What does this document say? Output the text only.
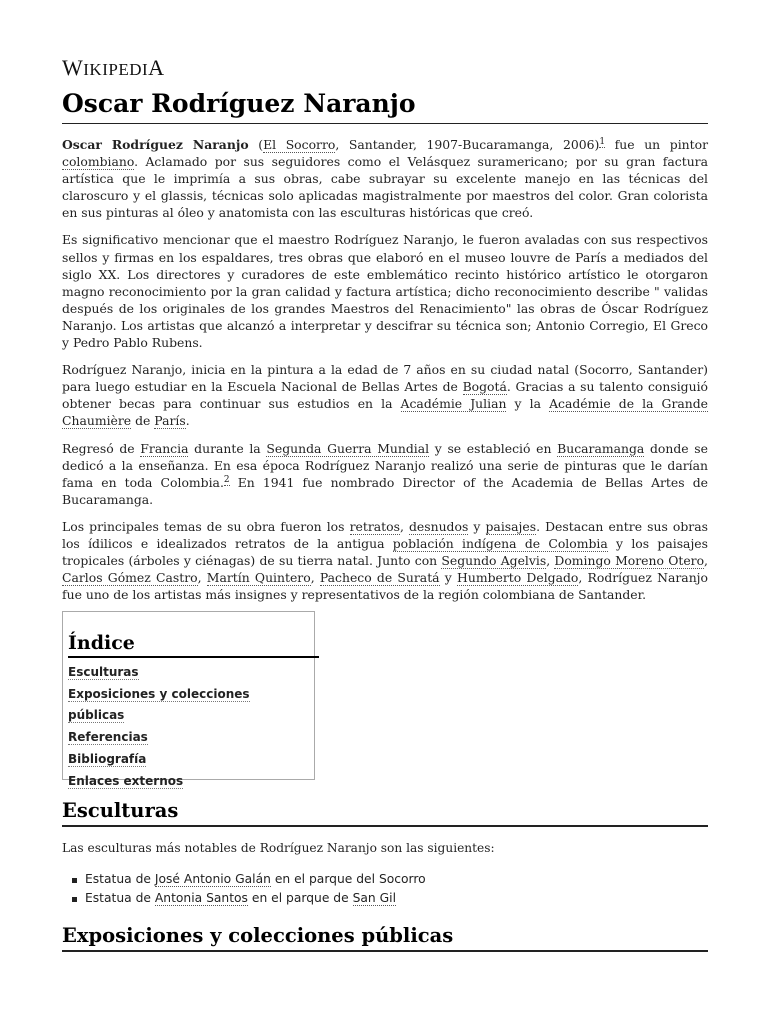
WIKIPEDIA
Oscar Rodríguez Naranjo

Oscar Rodríguez Naranjo (El Socorro, Santander, 1907-Bucaramanga, 2006)$^1$ fue un pintor colombiano. Aclamado por sus seguidores como el Velásquez suramericano; por su gran factura artística que le imprimía a sus obras, cabe subrayar su excelente manejo en las técnicas del claroscuro y el glassis, técnicas solo aplicadas magistralmente por maestros del color. Gran colorista en sus pinturas al óleo y anatomista con las esculturas históricas que creó.

Es significativo mencionar que el maestro Rodríguez Naranjo, le fueron avaladas con sus respectivos sellos y firmas en los espaldares, tres obras que elaboró en el museo louvre de París a mediados del siglo XX. Los directores y curadores de este emblemático recinto histórico artístico le otorgaron magno reconocimiento por la gran calidad y factura artística; dicho reconocimiento describe " validas después de los originales de los grandes Maestros del Renacimiento" las obras de Óscar Rodríguez Naranjo. Los artistas que alcanzó a interpretar y descifrar su técnica son; Antonio Corregio, El Greco y Pedro Pablo Rubens.

Rodríguez Naranjo, inicia en la pintura a la edad de 7 años en su ciudad natal (Socorro, Santander) para luego estudiar en la Escuela Nacional de Bellas Artes de Bogotá. Gracias a su talento consiguió obtener becas para continuar sus estudios en la Académie Julian y la Académie de la Grande Chaumière de París.

Regresó de Francia durante la Segunda Guerra Mundial y se estableció en Bucaramanga donde se dedicó a la enseñanza. En esa época Rodríguez Naranjo realizó una serie de pinturas que le darían fama en toda Colombia.$^2$ En 1941 fue nombrado Director of the Academia de Bellas Artes de Bucaramanga.

Los principales temas de su obra fueron los retratos, desnudos y paisajes. Destacan entre sus obras los ídilicos e idealizados retratos de la antigua población indígena de Colombia y los paisajes tropicales (árboles y ciénagas) de su tierra natal. Junto con Segundo Agelvis, Domingo Moreno Otero, Carlos Gómez Castro, Martín Quintero, Pacheco de Suratá y Humberto Delgado, Rodríguez Naranjo fue uno de los artistas más insignes y representativos de la región colombiana de Santander.

Índice
Esculturas
Exposiciones y colecciones públicas
Referencias
Bibliografía
Enlaces externos
Esculturas
Las esculturas más notables de Rodríguez Naranjo son las siguientes:
Estatua de José Antonio Galán en el parque del Socorro
Estatua de Antonia Santos en el parque de San Gil
Exposiciones y colecciones públicas
